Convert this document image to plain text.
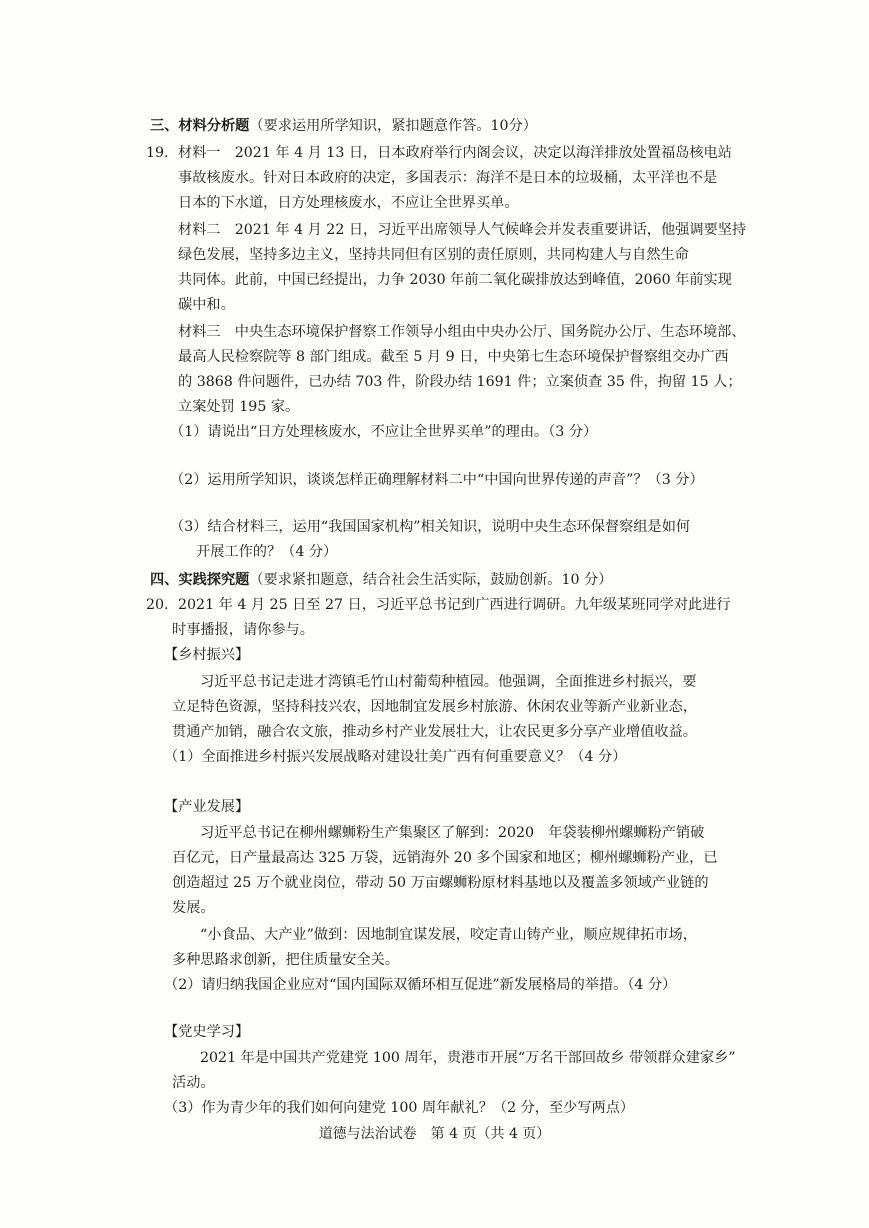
三、材料分析题（要求运用所学知识，紧扣题意作答。10分）
19. 材料一　2021 年 4 月 13 日，日本政府举行内阁会议，决定以海洋排放处置福岛核电站
事故核废水。针对日本政府的决定，多国表示：海洋不是日本的垃圾桶，太平洋也不是
日本的下水道，日方处理核废水，不应让全世界买单。
材料二　2021 年 4 月 22 日，习近平出席领导人气候峰会并发表重要讲话，他强调要坚持
绿色发展，坚持多边主义，坚持共同但有区别的责任原则，共同构建人与自然生命
共同体。此前，中国已经提出，力争 2030 年前二氧化碳排放达到峰值，2060 年前实现
碳中和。
材料三　中央生态环境保护督察工作领导小组由中央办公厅、国务院办公厅、生态环境部、
最高人民检察院等 8 部门组成。截至 5 月 9 日，中央第七生态环境保护督察组交办广西
的 3868 件问题件，已办结 703 件，阶段办结 1691 件；立案侦查 35 件，拘留 15 人；
立案处罚 195 家。
（1）请说出“日方处理核废水，不应让全世界买单”的理由。（3 分）
（2）运用所学知识，谈谈怎样正确理解材料二中“中国向世界传递的声音”？（3 分）
（3）结合材料三，运用“我国国家机构”相关知识，说明中央生态环保督察组是如何
开展工作的？（4 分）
四、实践探究题（要求紧扣题意，结合社会生活实际，鼓励创新。10 分）
20. 2021 年 4 月 25 日至 27 日，习近平总书记到广西进行调研。九年级某班同学对此进行
时事播报，请你参与。
【乡村振兴】
习近平总书记走进才湾镇毛竹山村葡萄种植园。他强调，全面推进乡村振兴，要
立足特色资源，坚持科技兴农，因地制宜发展乡村旅游、休闲农业等新产业新业态，
贯通产加销，融合农文旅，推动乡村产业发展壮大，让农民更多分享产业增值收益。
（1）全面推进乡村振兴发展战略对建设壮美广西有何重要意义？（4 分）
【产业发展】
习近平总书记在柳州螺蛳粉生产集聚区了解到：2020　年袋装柳州螺蛳粉产销破
百亿元，日产量最高达 325 万袋，远销海外 20 多个国家和地区；柳州螺蛳粉产业，已
创造超过 25 万个就业岗位，带动 50 万亩螺蛳粉原材料基地以及覆盖多领域产业链的
发展。
“小食品、大产业”做到：因地制宜谋发展，咬定青山铸产业，顺应规律拓市场，
多种思路求创新，把住质量安全关。
（2）请归纳我国企业应对“国内国际双循环相互促进”新发展格局的举措。（4 分）
【党史学习】
2021 年是中国共产党建党 100 周年，贵港市开展“万名干部回故乡 带领群众建家乡”
活动。
（3）作为青少年的我们如何向建党 100 周年献礼？（2 分，至少写两点）
道德与法治试卷　第 4 页（共 4 页）
